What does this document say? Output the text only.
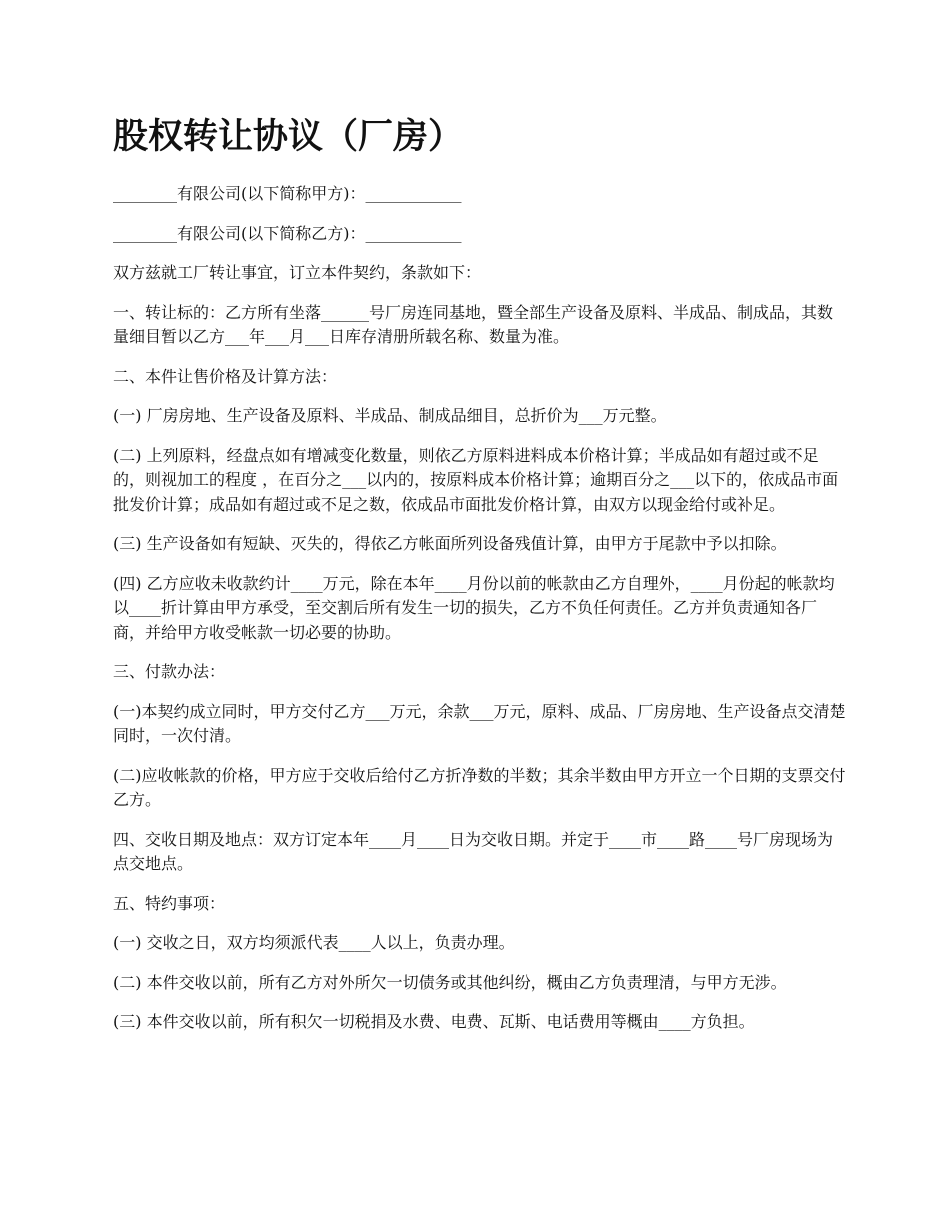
股权转让协议（厂房）

________有限公司(以下简称甲方)：____________

________有限公司(以下简称乙方)：____________

双方兹就工厂转让事宜，订立本件契约，条款如下：

一、转让标的：乙方所有坐落______号厂房连同基地，暨全部生产设备及原料、半成品、制成品，其数量细目暂以乙方___年___月___日库存清册所载名称、数量为准。

二、本件让售价格及计算方法：

(一) 厂房房地、生产设备及原料、半成品、制成品细目，总折价为___万元整。

(二) 上列原料，经盘点如有增减变化数量，则依乙方原料进料成本价格计算；半成品如有超过或不足的，则视加工的程度 ，在百分之___以内的，按原料成本价格计算；逾期百分之___以下的，依成品市面批发价计算；成品如有超过或不足之数，依成品市面批发价格计算，由双方以现金给付或补足。

(三) 生产设备如有短缺、灭失的，得依乙方帐面所列设备残值计算，由甲方于尾款中予以扣除。

(四) 乙方应收未收款约计____万元，除在本年____月份以前的帐款由乙方自理外，____月份起的帐款均以____折计算由甲方承受，至交割后所有发生一切的损失，乙方不负任何责任。乙方并负责通知各厂商，并给甲方收受帐款一切必要的协助。

三、付款办法：

(一)本契约成立同时，甲方交付乙方___万元，余款___万元，原料、成品、厂房房地、生产设备点交清楚同时，一次付清。

(二)应收帐款的价格，甲方应于交收后给付乙方折净数的半数；其余半数由甲方开立一个日期的支票交付乙方。

四、交收日期及地点：双方订定本年____月____日为交收日期。并定于____市____路____号厂房现场为点交地点。

五、特约事项：

(一) 交收之日，双方均须派代表____人以上，负责办理。

(二) 本件交收以前，所有乙方对外所欠一切债务或其他纠纷，概由乙方负责理清，与甲方无涉。

(三) 本件交收以前，所有积欠一切税捐及水费、电费、瓦斯、电话费用等概由____方负担。
